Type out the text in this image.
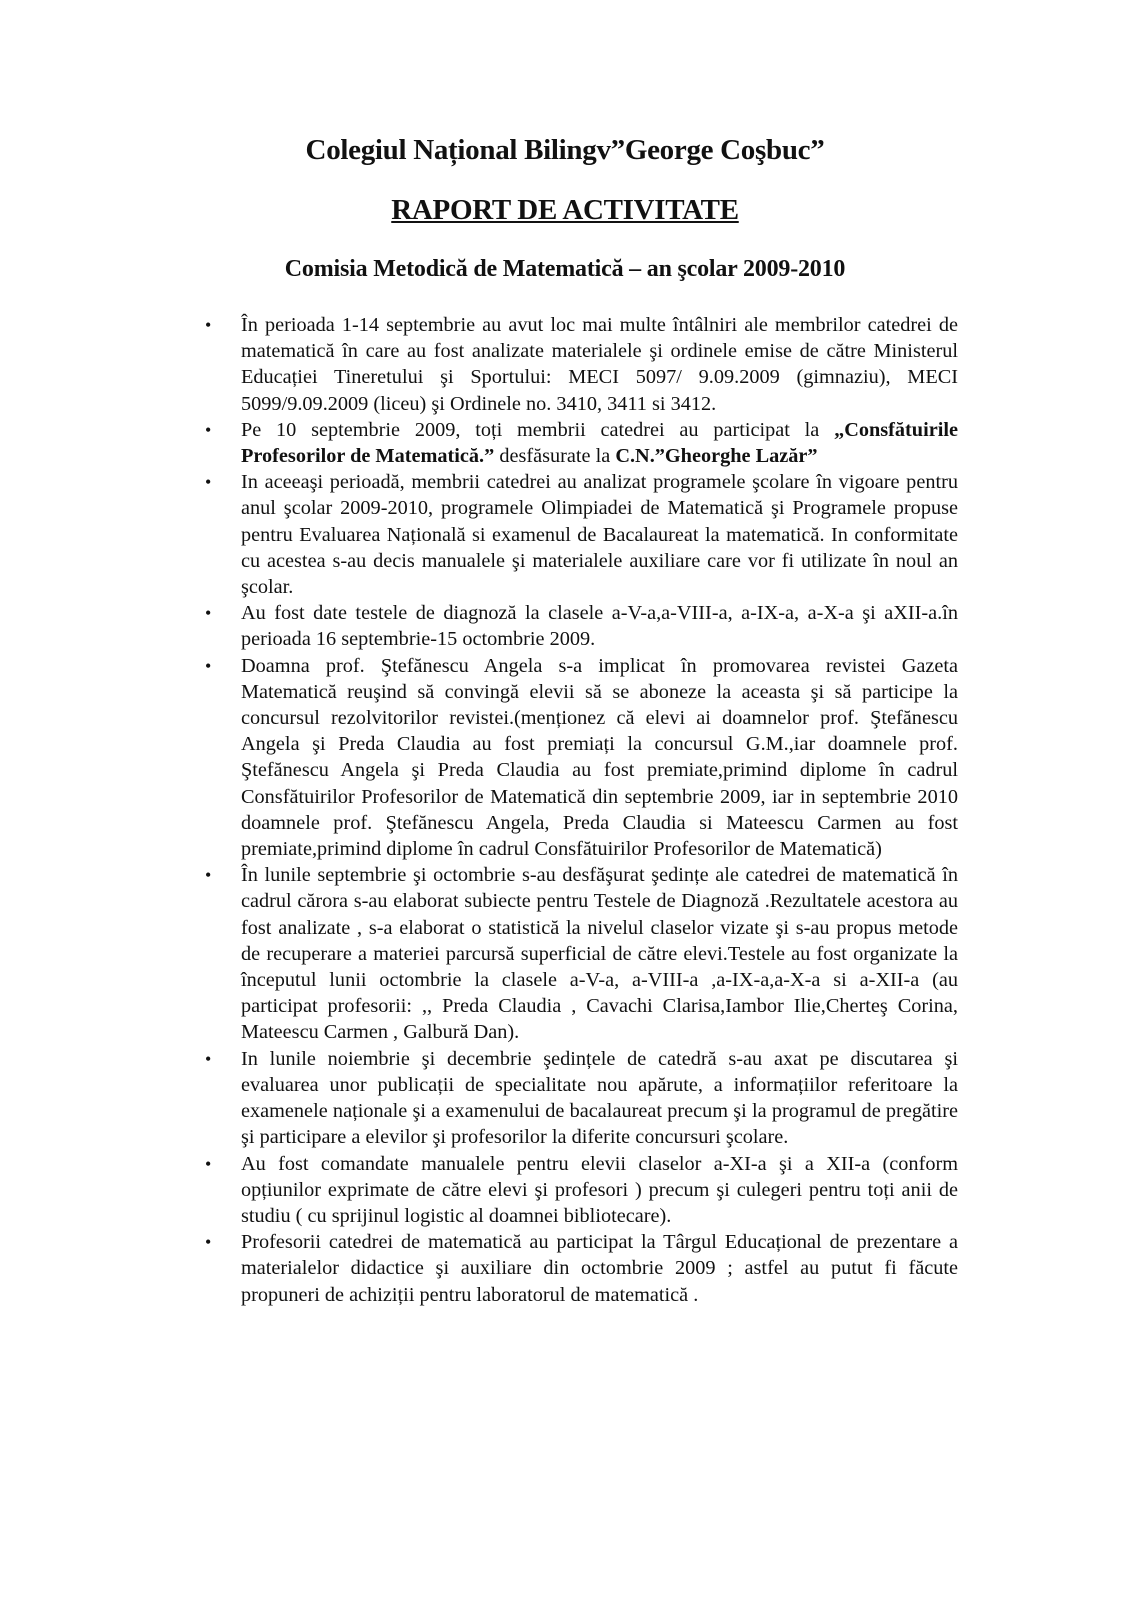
Colegiul Național Bilingv”George Coşbuc”
RAPORT DE ACTIVITATE
Comisia Metodică de Matematică – an şcolar 2009-2010
• În perioada 1-14 septembrie au avut loc mai multe întâlniri ale membrilor catedrei de matematică în care au fost analizate materialele şi ordinele emise de către Ministerul Educației Tineretului şi Sportului: MECI 5097/ 9.09.2009 (gimnaziu), MECI 5099/9.09.2009 (liceu) şi Ordinele no. 3410, 3411 si 3412.
• Pe 10 septembrie 2009, toți membrii catedrei au participat la „Consfătuirile Profesorilor de Matematică.” desfăsurate la C.N.”Gheorghe Lazăr”
• In aceeaşi perioadă, membrii catedrei au analizat programele şcolare în vigoare pentru anul şcolar 2009-2010, programele Olimpiadei de Matematică şi Programele propuse pentru Evaluarea Națională si examenul de Bacalaureat la matematică. In conformitate cu acestea s-au decis manualele şi materialele auxiliare care vor fi utilizate în noul an şcolar.
• Au fost date testele de diagnoză la clasele a-V-a,a-VIII-a, a-IX-a, a-X-a şi aXII-a.în perioada 16 septembrie-15 octombrie 2009.
• Doamna prof. Ştefănescu Angela s-a implicat în promovarea revistei Gazeta Matematică reuşind să convingă elevii să se aboneze la aceasta şi să participe la concursul rezolvitorilor revistei.(menționez că elevi ai doamnelor prof. Ştefănescu Angela şi Preda Claudia au fost premiați la concursul G.M.,iar doamnele prof. Ştefănescu Angela şi Preda Claudia au fost premiate,primind diplome în cadrul Consfătuirilor Profesorilor de Matematică din septembrie 2009, iar in septembrie 2010 doamnele prof. Ştefănescu Angela, Preda Claudia si Mateescu Carmen au fost premiate,primind diplome în cadrul Consfătuirilor Profesorilor de Matematică)
• În lunile septembrie şi octombrie s-au desfăşurat şedințe ale catedrei de matematică în cadrul cărora s-au elaborat subiecte pentru Testele de Diagnoză .Rezultatele acestora au fost analizate , s-a elaborat o statistică la nivelul claselor vizate şi s-au propus metode de recuperare a materiei parcursă superficial de către elevi.Testele au fost organizate la începutul lunii octombrie la clasele a-V-a, a-VIII-a ,a-IX-a,a-X-a si a-XII-a (au participat profesorii: ,, Preda Claudia , Cavachi Clarisa,Iambor Ilie,Cherteş Corina, Mateescu Carmen , Galbură Dan).
• In lunile noiembrie şi decembrie şedințele de catedră s-au axat pe discutarea şi evaluarea unor publicații de specialitate nou apărute, a informațiilor referitoare la examenele naționale şi a examenului de bacalaureat precum şi la programul de pregătire şi participare a elevilor şi profesorilor la diferite concursuri şcolare.
• Au fost comandate manualele pentru elevii claselor a-XI-a şi a XII-a (conform opțiunilor exprimate de către elevi şi profesori ) precum şi culegeri pentru toți anii de studiu ( cu sprijinul logistic al doamnei bibliotecare).
• Profesorii catedrei de matematică au participat la Târgul Educațional de prezentare a materialelor didactice şi auxiliare din octombrie 2009 ; astfel au putut fi făcute propuneri de achiziții pentru laboratorul de matematică .
